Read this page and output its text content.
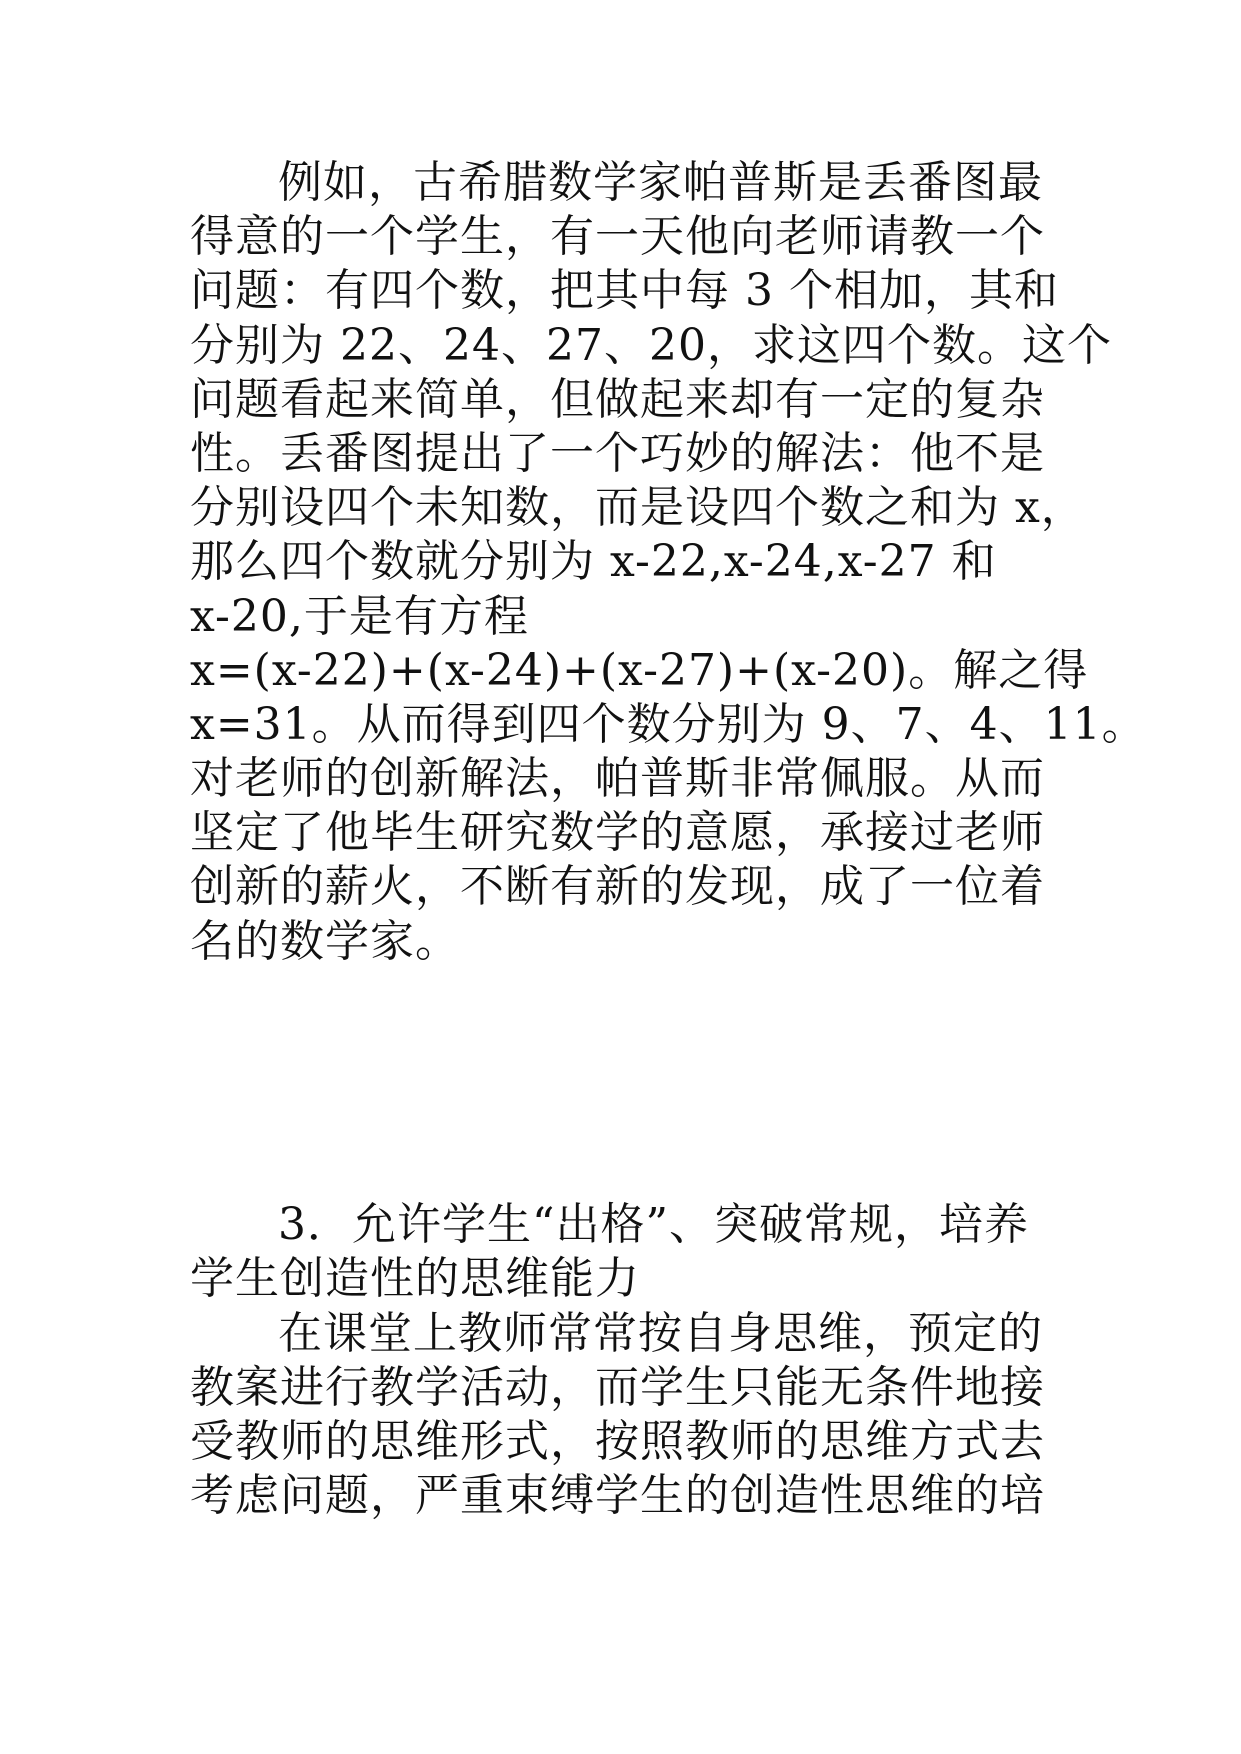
例如，古希腊数学家帕普斯是丢番图最
得意的一个学生，有一天他向老师请教一个
问题：有四个数，把其中每 3 个相加，其和
分别为 22、24、27、20，求这四个数。这个
问题看起来简单，但做起来却有一定的复杂
性。丢番图提出了一个巧妙的解法：他不是
分别设四个未知数，而是设四个数之和为 x，
那么四个数就分别为 x-22,x-24,x-27 和
x-20,于是有方程
x=(x-22)+(x-24)+(x-27)+(x-20)。解之得
x=31。从而得到四个数分别为 9、7、4、11。
对老师的创新解法，帕普斯非常佩服。从而
坚定了他毕生研究数学的意愿，承接过老师
创新的薪火，不断有新的发现，成了一位着
名的数学家。
3．允许学生“出格”、突破常规，培养
学生创造性的思维能力
在课堂上教师常常按自身思维，预定的
教案进行教学活动，而学生只能无条件地接
受教师的思维形式，按照教师的思维方式去
考虑问题，严重束缚学生的创造性思维的培
